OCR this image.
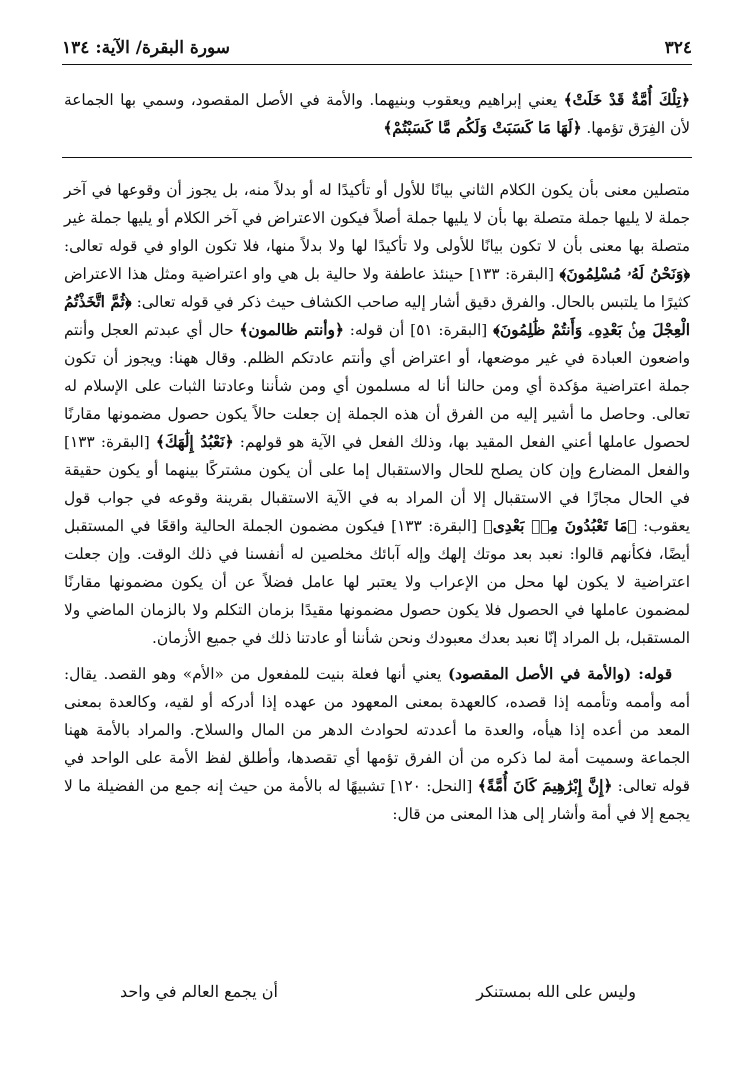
٣٢٤
سورة البقرة/ الآية: ١٣٤

﴿تِلْكَ أُمَّةٌ قَدْ خَلَتْ﴾ يعني إبراهيم ويعقوب وبنيهما. والأمة في الأصل المقصود، وسمي بها الجماعة لأن الفِرَق تؤمها. ﴿لَهَا مَا كَسَبَتْ وَلَكُم مَّا كَسَبْتُمْ﴾

متصلين معنى بأن يكون الكلام الثاني بيانًا للأول أو تأكيدًا له أو بدلاً منه، بل يجوز أن وقوعها في آخر جملة لا يليها جملة متصلة بها بأن لا يليها جملة أصلاً فيكون الاعتراض في آخر الكلام أو يليها جملة غير متصلة بها معنى بأن لا تكون بيانًا للأولى ولا تأكيدًا لها ولا بدلاً منها، فلا تكون الواو في قوله تعالى: ﴿وَنَحْنُ لَهُۥ مُسْلِمُونَ﴾ [البقرة: ١٣٣] حينئذ عاطفة ولا حالية بل هي واو اعتراضية ومثل هذا الاعتراض كثيرًا ما يلتبس بالحال. والفرق دقيق أشار إليه صاحب الكشاف حيث ذكر في قوله تعالى: ﴿ثُمَّ اتَّخَذْتُمُ الْعِجْلَ مِنۢ بَعْدِهِۦ وَأَنتُمْ ظَٰلِمُونَ﴾ [البقرة: ٥١] أن قوله: ﴿وأنتم ظالمون﴾ حال أي عبدتم العجل وأنتم واضعون العبادة في غير موضعها، أو اعتراض أي وأنتم عادتكم الظلم. وقال ههنا: ويجوز أن تكون جملة اعتراضية مؤكدة أي ومن حالنا أنا له مسلمون أي ومن شأننا وعادتنا الثبات على الإسلام له تعالى. وحاصل ما أشير إليه من الفرق أن هذه الجملة إن جعلت حالاً يكون حصول مضمونها مقارنًا لحصول عاملها أعني الفعل المقيد بها، وذلك الفعل في الآية هو قولهم: ﴿نَعْبُدُ إِلَٰهَكَ﴾ [البقرة: ١٣٣] والفعل المضارع وإن كان يصلح للحال والاستقبال إما على أن يكون مشتركًا بينهما أو يكون حقيقة في الحال مجازًا في الاستقبال إلا أن المراد به في الآية الاستقبال بقرينة وقوعه في جواب قول يعقوب: ﴿مَا تَعْبُدُونَ مِنۢ بَعْدِى﴾ [البقرة: ١٣٣] فيكون مضمون الجملة الحالية واقعًا في المستقبل أيضًا، فكأنهم قالوا: نعبد بعد موتك إلهك وإله آبائك مخلصين له أنفسنا في ذلك الوقت. وإن جعلت اعتراضية لا يكون لها محل من الإعراب ولا يعتبر لها عامل فضلاً عن أن يكون مضمونها مقارنًا لمضمون عاملها في الحصول فلا يكون حصول مضمونها مقيدًا بزمان التكلم ولا بالزمان الماضي ولا المستقبل، بل المراد إنّا نعبد بعدك معبودك ونحن شأننا أو عادتنا ذلك في جميع الأزمان.

قوله: (والأمة في الأصل المقصود) يعني أنها فعلة بنيت للمفعول من «الأم» وهو القصد. يقال: أمه وأممه وتأممه إذا قصده، كالعهدة بمعنى المعهود من عهده إذا أدركه أو لقيه، وكالعدة بمعنى المعد من أعده إذا هيأه، والعدة ما أعددته لحوادث الدهر من المال والسلاح. والمراد بالأمة ههنا الجماعة وسميت أمة لما ذكره من أن الفرق تؤمها أي تقصدها، وأطلق لفظ الأمة على الواحد في قوله تعالى: ﴿إِنَّ إِبْرَٰهِيمَ كَانَ أُمَّةً﴾ [النحل: ١٢٠] تشبيهًا له بالأمة من حيث إنه جمع من الفضيلة ما لا يجمع إلا في أمة وأشار إلى هذا المعنى من قال:

وليس على الله بمستنكر
أن يجمع العالم في واحد
